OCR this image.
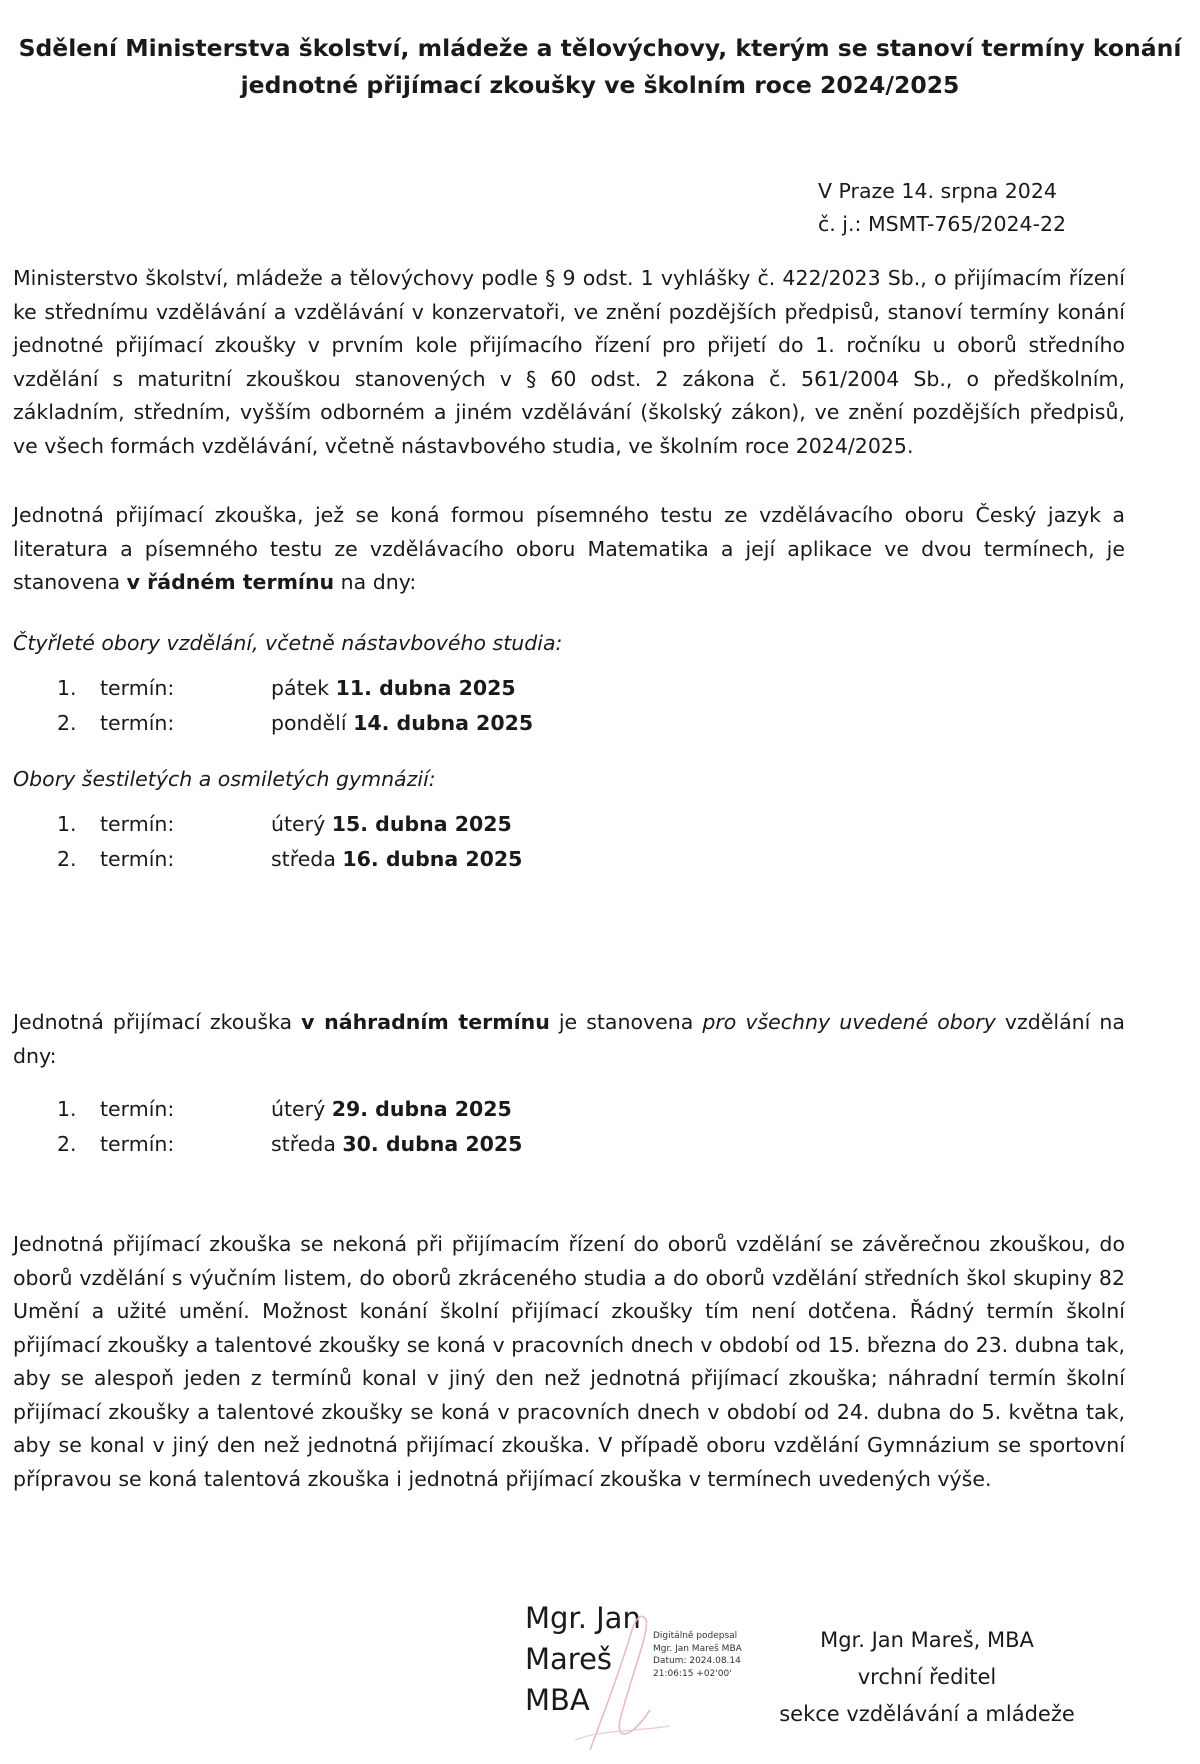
Sdělení Ministerstva školství, mládeže a tělovýchovy, kterým se stanoví termíny konání
jednotné přijímací zkoušky ve školním roce 2024/2025
V Praze 14. srpna 2024
č. j.: MSMT-765/2024-22

Ministerstvo školství, mládeže a tělovýchovy podle § 9 odst. 1 vyhlášky č. 422/2023 Sb., o přijímacím řízení ke střednímu vzdělávání a vzdělávání v konzervatoři, ve znění pozdějších předpisů, stanoví termíny konání jednotné přijímací zkoušky v prvním kole přijímacího řízení pro přijetí do 1. ročníku u oborů středního vzdělání s maturitní zkouškou stanovených v § 60 odst. 2 zákona č. 561/2004 Sb., o předškolním, základním, středním, vyšším odborném a jiném vzdělávání (školský zákon), ve znění pozdějších předpisů, ve všech formách vzdělávání, včetně nástavbového studia, ve školním roce 2024/2025.

Jednotná přijímací zkouška, jež se koná formou písemného testu ze vzdělávacího oboru Český jazyk a literatura a písemného testu ze vzdělávacího oboru Matematika a její aplikace ve dvou termínech, je stanovena v řádném termínu na dny:

Čtyřleté obory vzdělání, včetně nástavbového studia:
1. termín:	pátek 11. dubna 2025
2. termín:	pondělí 14. dubna 2025
Obory šestiletých a osmiletých gymnázií:
1. termín:	úterý 15. dubna 2025
2. termín:	středa 16. dubna 2025

Jednotná přijímací zkouška v náhradním termínu je stanovena pro všechny uvedené obory vzdělání na dny:

1. termín:	úterý 29. dubna 2025
2. termín:	středa 30. dubna 2025

Jednotná přijímací zkouška se nekoná při přijímacím řízení do oborů vzdělání se závěrečnou zkouškou, do oborů vzdělání s výučním listem, do oborů zkráceného studia a do oborů vzdělání středních škol skupiny 82 Umění a užité umění. Možnost konání školní přijímací zkoušky tím není dotčena. Řádný termín školní přijímací zkoušky a talentové zkoušky se koná v pracovních dnech v období od 15. března do 23. dubna tak, aby se alespoň jeden z termínů konal v jiný den než jednotná přijímací zkouška; náhradní termín školní přijímací zkoušky a talentové zkoušky se koná v pracovních dnech v období od 24. dubna do 5. května tak, aby se konal v jiný den než jednotná přijímací zkouška. V případě oboru vzdělání Gymnázium se sportovní přípravou se koná talentová zkouška i jednotná přijímací zkouška v termínech uvedených výše.

Mgr. Jan
Mareš
MBA
Digitálně podepsal
Mgr. Jan Mareš MBA
Datum: 2024.08.14
21:06:15 +02'00'
Mgr. Jan Mareš, MBA
vrchní ředitel
sekce vzdělávání a mládeže
